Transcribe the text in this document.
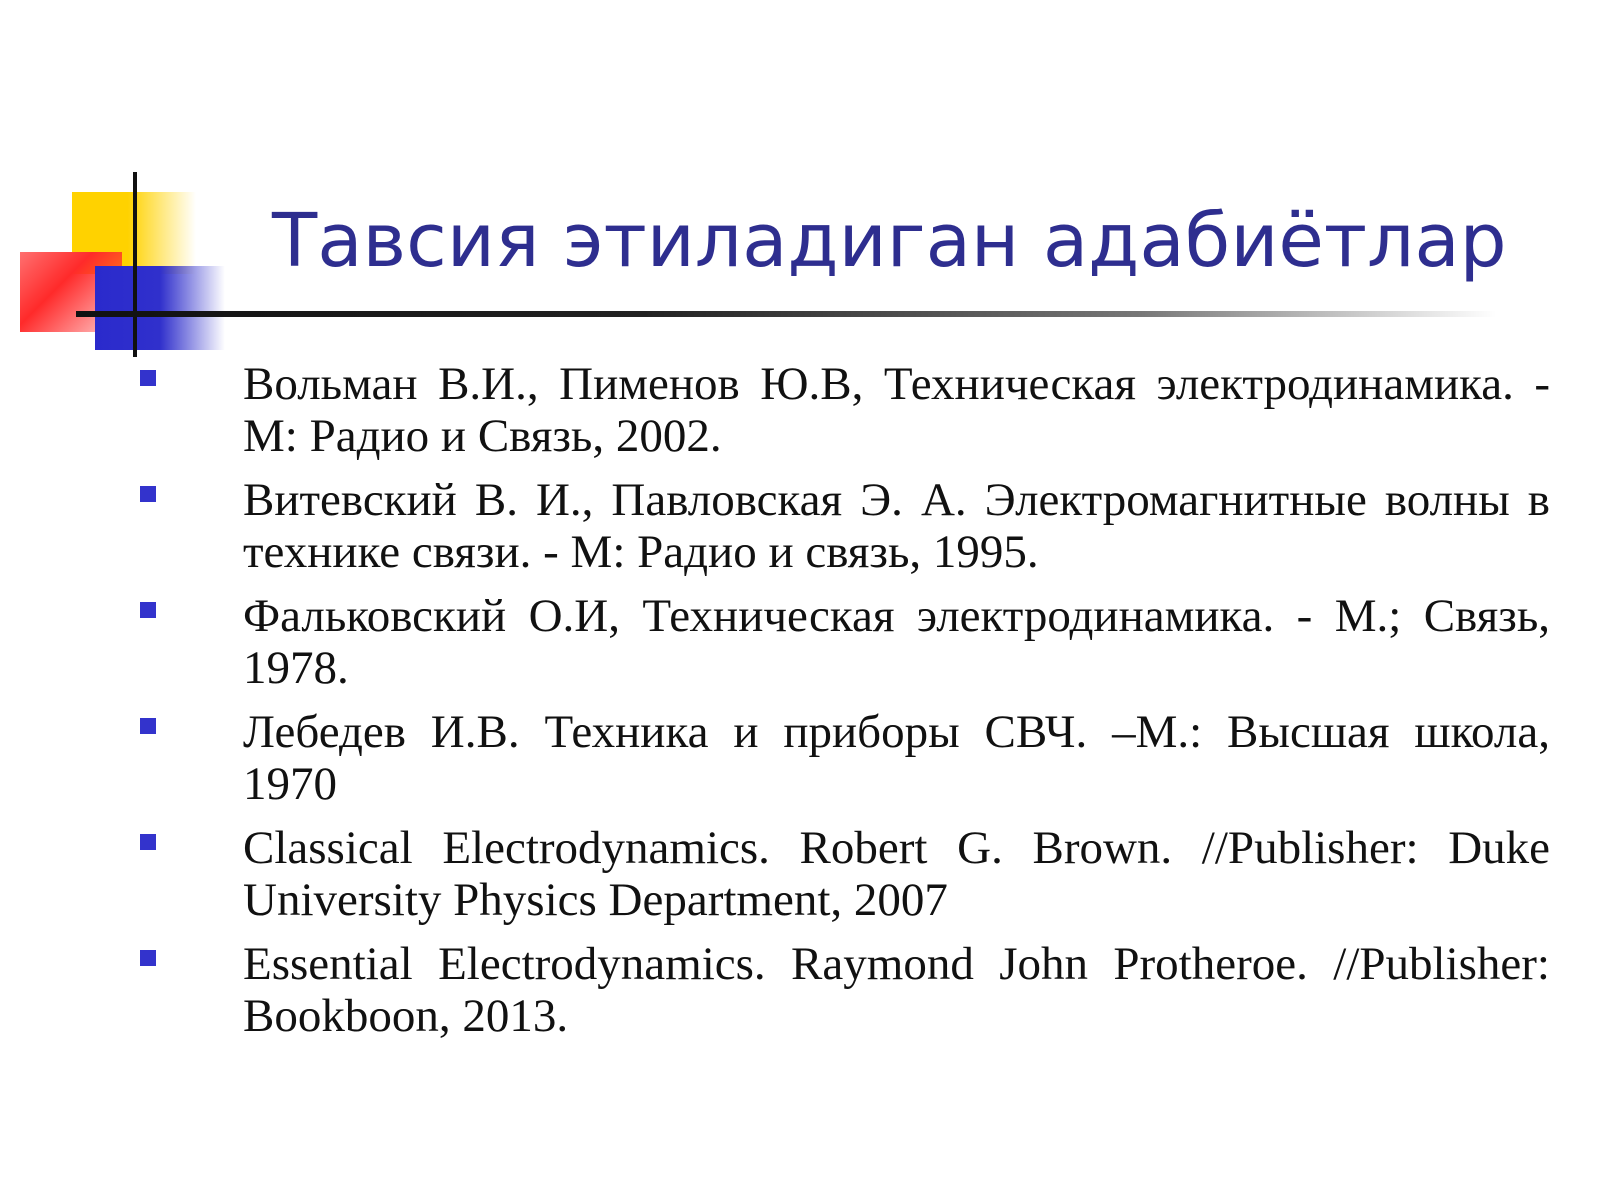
Тавсия этиладиган адабиётлар

Вольман В.И., Пименов Ю.В, Техническая электродинамика. - М: Радио и Связь, 2002.

Витевский В. И., Павловская Э. А. Электромагнитные волны в технике связи. - М: Радио и связь, 1995.

Фальковский О.И, Техническая электродинамика. - М.; Связь, 1978.

Лебедев И.В. Техника и приборы СВЧ. –М.: Высшая школа, 1970

Classical Electrodynamics. Robert G. Brown. //Publisher: Duke University Physics Department, 2007

Essential Electrodynamics. Raymond John Protheroe. //Publisher: Bookboon, 2013.
